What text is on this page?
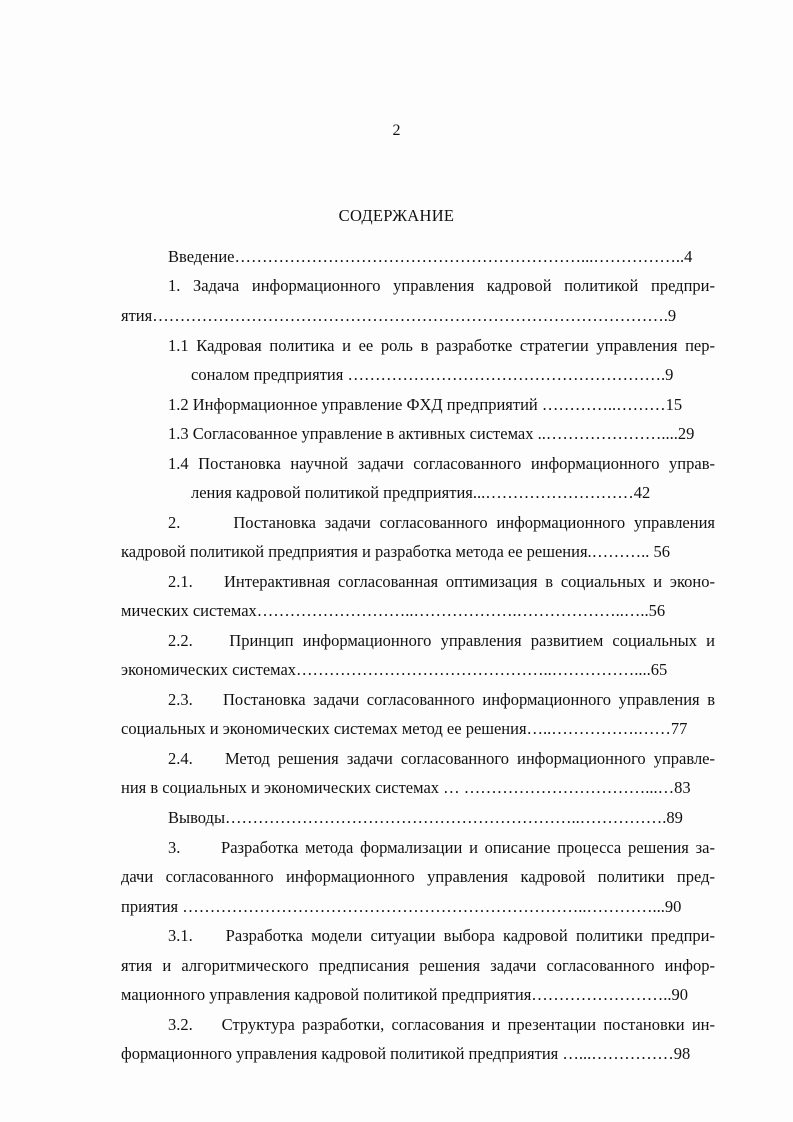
2
СОДЕРЖАНИЕ
Введение………………………………………………………...……………..4
1. Задача информационного управления кадровой политикой предпри-
ятия………………………………………………………………………………….9
1.1 Кадровая политика и ее роль в разработке стратегии управления пер-
соналом предприятия ………………………………………………….9
1.2 Информационное управление ФХД предприятий …………..………15
1.3 Согласованное управление в активных системах ..…………………....29
1.4 Постановка научной задачи согласованного информационного управ-
ления кадровой политикой предприятия...………………………42
2.      Постановка задачи согласованного информационного управления
кадровой политикой предприятия и разработка метода ее решения.……….. 56
2.1.    Интерактивная согласованная оптимизация в социальных и эконо-
мических системах………………………..……………….………………..…..56
2.2.    Принцип информационного управления развитием социальных и
экономических системах………………………………………..……………....65
2.3.    Постановка задачи согласованного информационного управления в
социальных и экономических системах метод ее решения…..…………….……77
2.4.    Метод решения задачи согласованного информационного управле-
ния в социальных и экономических системах … ……………………………...…83
Выводы………………………………………………………..…………….89
3.      Разработка метода формализации и описание процесса решения за-
дачи согласованного информационного управления кадровой политики пред-
приятия ………………………………………………………………..…………...90
3.1.    Разработка модели ситуации выбора кадровой политики предпри-
ятия и алгоритмического предписания решения задачи согласованного инфор-
мационного управления кадровой политикой предприятия……………………..90
3.2.    Структура разработки, согласования и презентации постановки ин-
формационного управления кадровой политикой предприятия …...……………98
